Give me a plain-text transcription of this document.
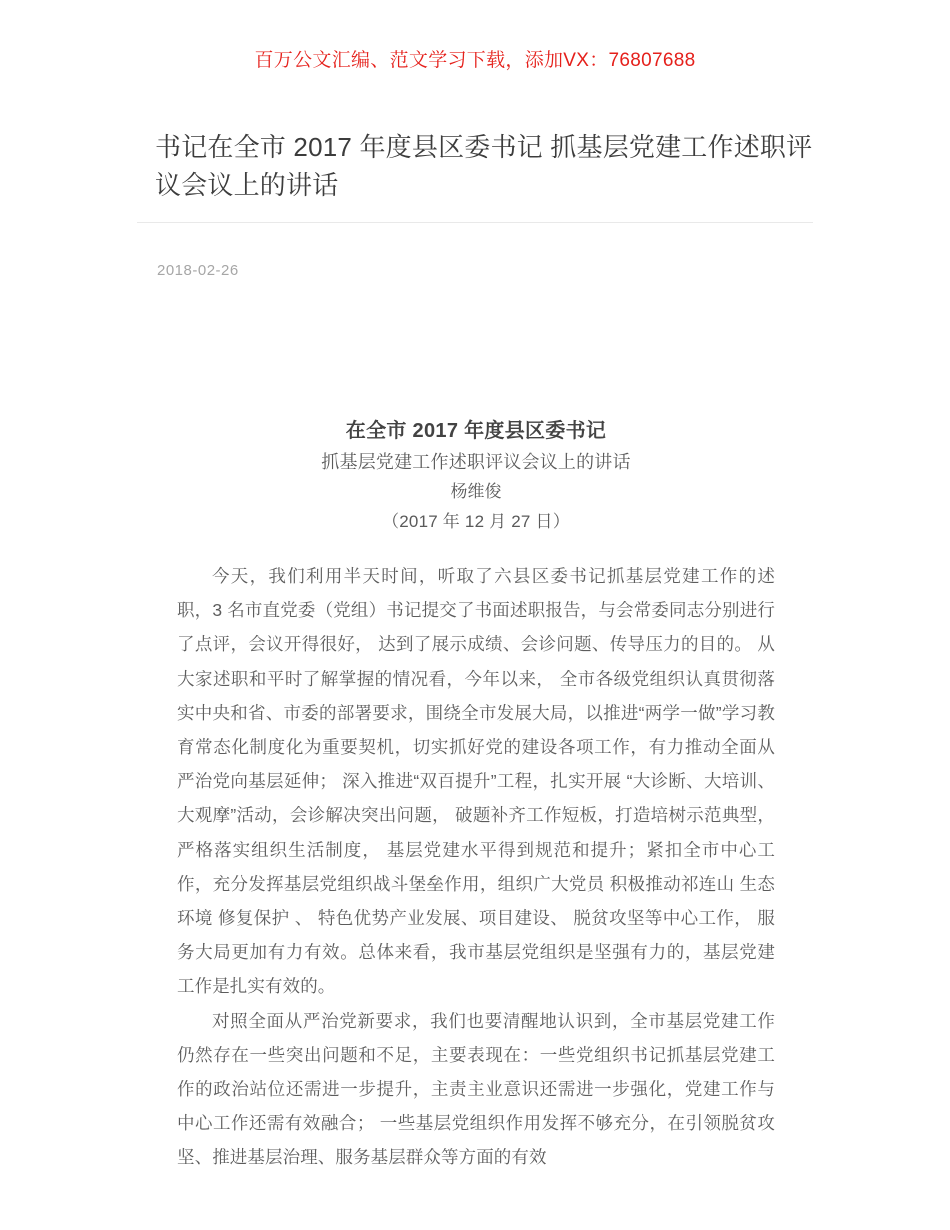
百万公文汇编、范文学习下载，添加VX：76807688
书记在全市 2017 年度县区委书记 抓基层党建工作述职评议会议上的讲话
2018-02-26
在全市 2017 年度县区委书记
抓基层党建工作述职评议会议上的讲话
杨维俊
（2017 年 12 月 27 日）

今天，我们利用半天时间，听取了六县区委书记抓基层党建工作的述职，3 名市直党委（党组）书记提交了书面述职报告，与会常委同志分别进行了点评，会议开得很好， 达到了展示成绩、会诊问题、传导压力的目的。 从大家述职和平时了解掌握的情况看，今年以来， 全市各级党组织认真贯彻落实中央和省、市委的部署要求，围绕全市发展大局，以推进“两学一做”学习教育常态化制度化为重要契机，切实抓好党的建设各项工作，有力推动全面从严治党向基层延伸； 深入推进“双百提升”工程，扎实开展 “大诊断、大培训、大观摩”活动，会诊解决突出问题， 破题补齐工作短板，打造培树示范典型， 严格落实组织生活制度， 基层党建水平得到规范和提升；紧扣全市中心工作，充分发挥基层党组织战斗堡垒作用，组织广大党员 积极推动祁连山 生态环境 修复保护 、 特色优势产业发展、项目建设、 脱贫攻坚等中心工作， 服务大局更加有力有效。总体来看，我市基层党组织是坚强有力的，基层党建工作是扎实有效的。

对照全面从严治党新要求，我们也要清醒地认识到，全市基层党建工作仍然存在一些突出问题和不足，主要表现在：一些党组织书记抓基层党建工作的政治站位还需进一步提升，主责主业意识还需进一步强化，党建工作与中心工作还需有效融合； 一些基层党组织作用发挥不够充分，在引领脱贫攻坚、推进基层治理、服务基层群众等方面的有效
